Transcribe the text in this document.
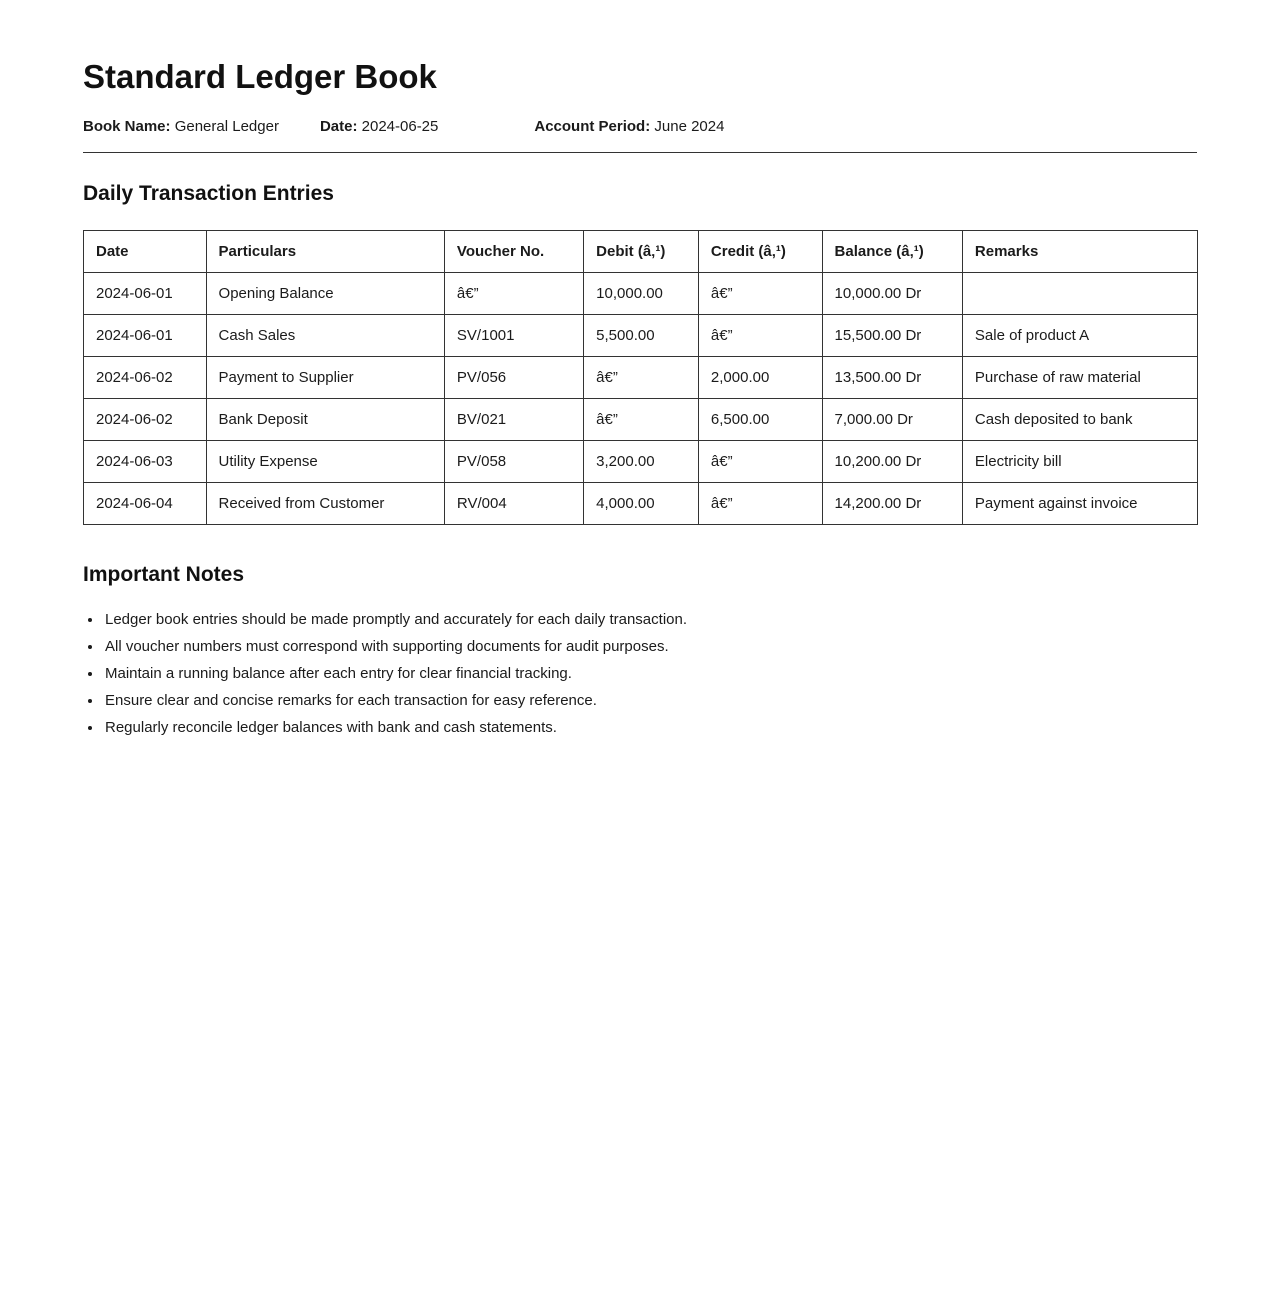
Standard Ledger Book
Book Name: General Ledger	Date: 2024-06-25	Account Period: June 2024
Daily Transaction Entries
Date	Particulars	Voucher No.	Debit (â‚¹)	Credit (â‚¹)	Balance (â‚¹)	Remarks
2024-06-01	Opening Balance	â€”	10,000.00	â€”	10,000.00 Dr	
2024-06-01	Cash Sales	SV/1001	5,500.00	â€”	15,500.00 Dr	Sale of product A
2024-06-02	Payment to Supplier	PV/056	â€”	2,000.00	13,500.00 Dr	Purchase of raw material
2024-06-02	Bank Deposit	BV/021	â€”	6,500.00	7,000.00 Dr	Cash deposited to bank
2024-06-03	Utility Expense	PV/058	3,200.00	â€”	10,200.00 Dr	Electricity bill
2024-06-04	Received from Customer	RV/004	4,000.00	â€”	14,200.00 Dr	Payment against invoice
Important Notes
• Ledger book entries should be made promptly and accurately for each daily transaction.
• All voucher numbers must correspond with supporting documents for audit purposes.
• Maintain a running balance after each entry for clear financial tracking.
• Ensure clear and concise remarks for each transaction for easy reference.
• Regularly reconcile ledger balances with bank and cash statements.
